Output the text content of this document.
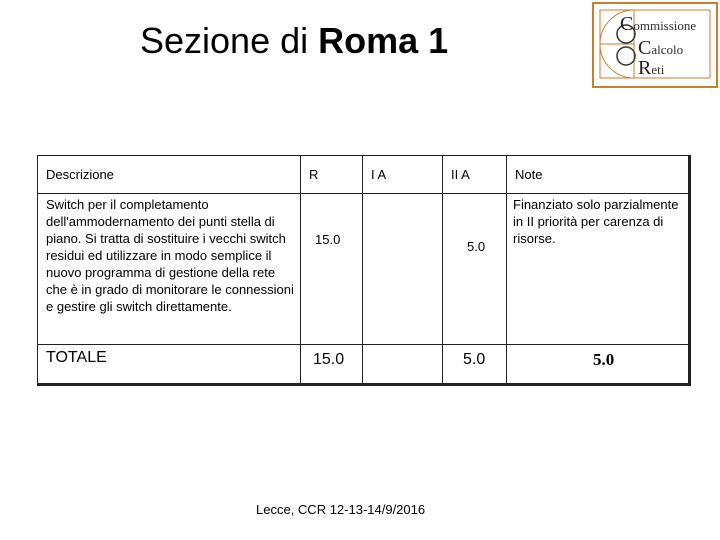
Sezione di Roma 1	Commissione
Calcolo
Reti
Descrizione	R	I A	II A	Note

Switch per il completamento dell'ammodernamento dei punti stella di piano. Si tratta di sostituire i vecchi switch residui ed utilizzare in modo semplice il nuovo programma di gestione della rete che è in grado di monitorare le connessioni e gestire gli switch direttamente.	15.0		5.0	Finanziato solo parzialmente in II priorità per carenza di risorse.

TOTALE	15.0		5.0	5.0
Lecce, CCR 12-13-14/9/2016
